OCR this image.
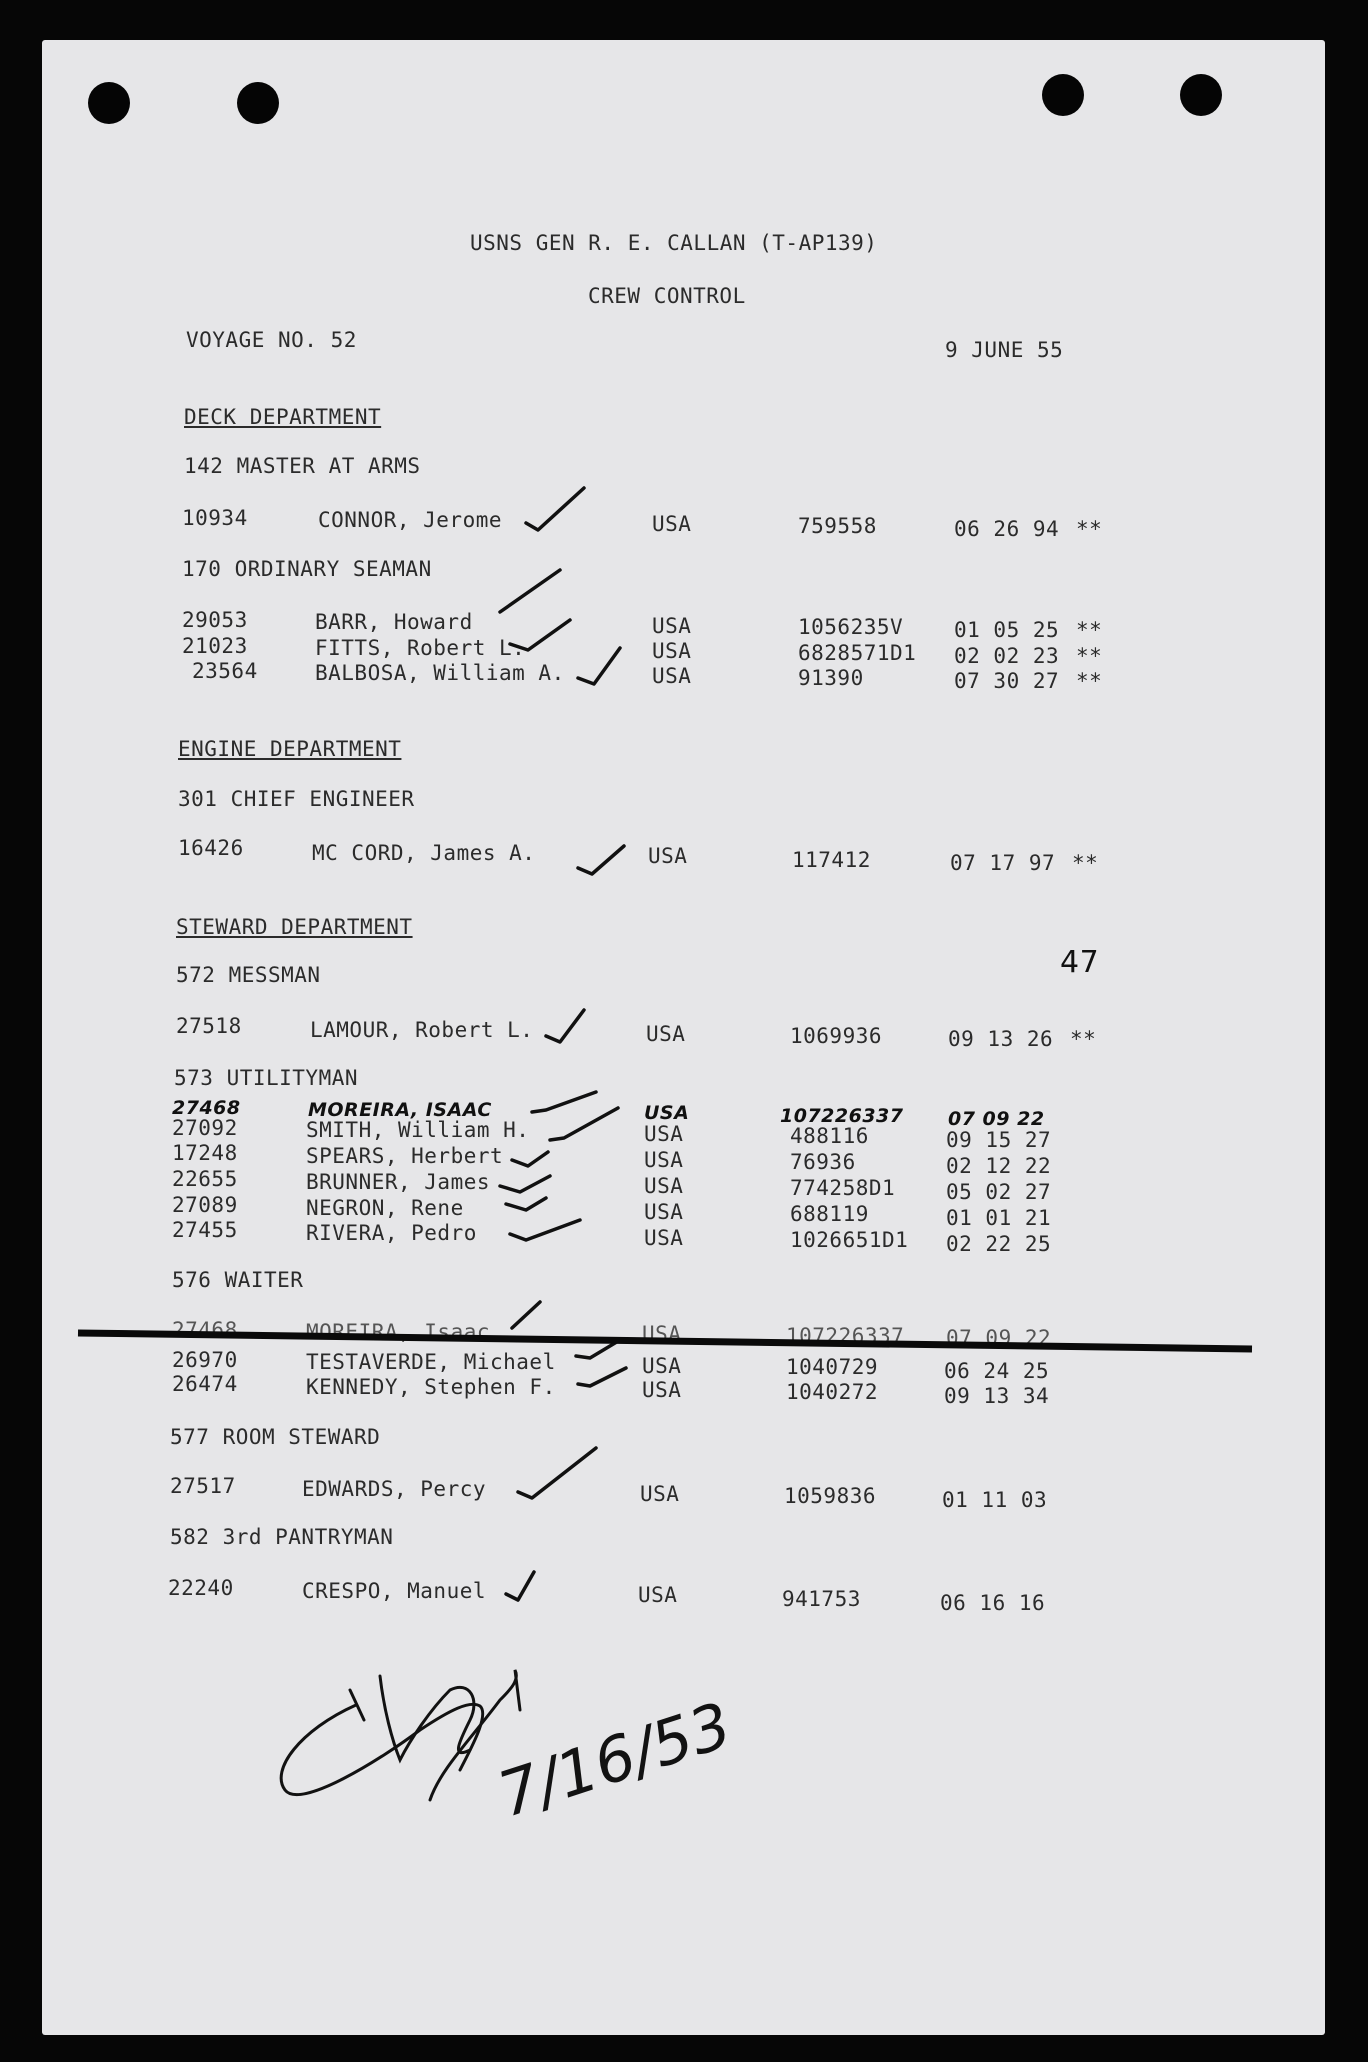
USNS GEN R. E. CALLAN (T-AP139)
CREW CONTROL
VOYAGE NO. 52	9 JUNE 55
DECK DEPARTMENT
142 MASTER AT ARMS
10934	CONNOR, Jerome	USA	759558	06 26 94 **
170 ORDINARY SEAMAN
29053	BARR, Howard	USA	1056235V 01 05 25 **
21023	FITTS, Robert L.	USA	6828571D1 02 02 23 **
23564	BALBOSA, William A.	USA	91390	07 30 27 **
ENGINE DEPARTMENT
301 CHIEF ENGINEER
16426	MC CORD, James A.	USA	117412	07 17 97 **
STEWARD DEPARTMENT
47
572 MESSMAN
27518	LAMOUR, Robert L.	USA	1069936	09 13 26 **
573 UTILITYMAN
27468	MOREIRA, ISAAC	USA	107226337 07 09 22
27092	SMITH, William H.	USA	488116	09 15 27
17248	SPEARS, Herbert	USA	76936	02 12 22
22655	BRUNNER, James	USA	774258D1 05 02 27
27089	NEGRON, Rene	USA	688119	01 01 21
27455	RIVERA, Pedro	USA	1026651D1 02 22 25
576 WAITER
27468	MOREIRA, Isaac	USA	107226337 07 09 22
26970	TESTAVERDE, Michael	USA	1040729	06 24 25
26474	KENNEDY, Stephen F.	USA	1040272	09 13 34
577 ROOM STEWARD
27517	EDWARDS, Percy	USA	1059836	01 11 03
582 3rd PANTRYMAN
22240	CRESPO, Manuel	USA	941753	06 16 16
7/16/53
